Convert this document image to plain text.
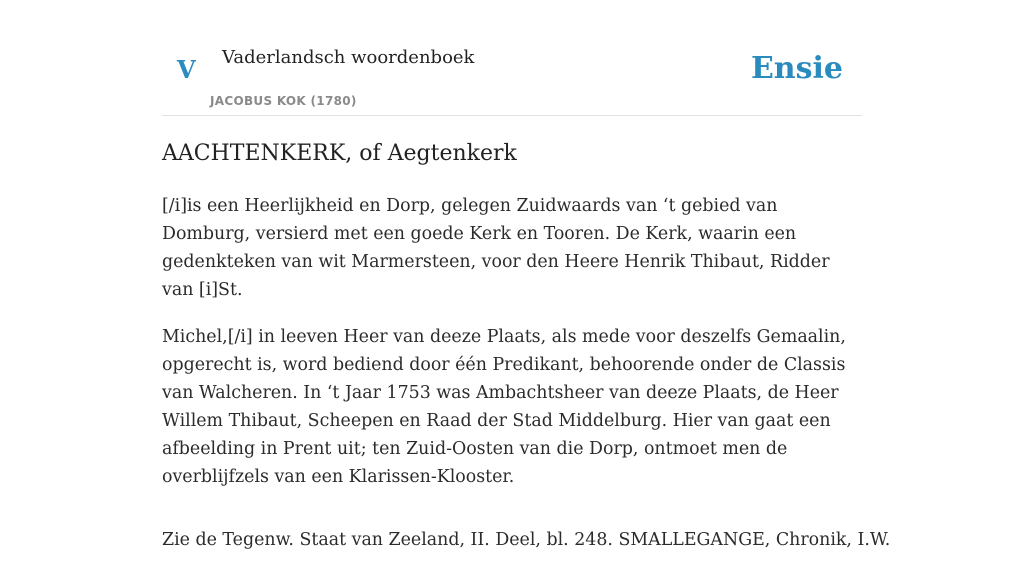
V Vaderlandsch woordenboek
JACOBUS KOK (1780)
Ensie
AACHTENKERK, of Aegtenkerk

[/i]is een Heerlijkheid en Dorp, gelegen Zuidwaards van ‘t gebied van Domburg, versierd met een goede Kerk en Tooren. De Kerk, waarin een gedenkteken van wit Marmersteen, voor den Heere Henrik Thibaut, Ridder van [i]St.

Michel,[/i] in leeven Heer van deeze Plaats, als mede voor deszelfs Gemaalin, opgerecht is, word bediend door één Predikant, behoorende onder de Classis van Walcheren. In ‘t Jaar 1753 was Ambachtsheer van deeze Plaats, de Heer Willem Thibaut, Scheepen en Raad der Stad Middelburg. Hier van gaat een afbeelding in Prent uit; ten Zuid-Oosten van die Dorp, ontmoet men de overblijfzels van een Klarissen-Klooster.

Zie de Tegenw. Staat van Zeeland, II. Deel, bl. 248. SMALLEGANGE, Chronik, I.W.
